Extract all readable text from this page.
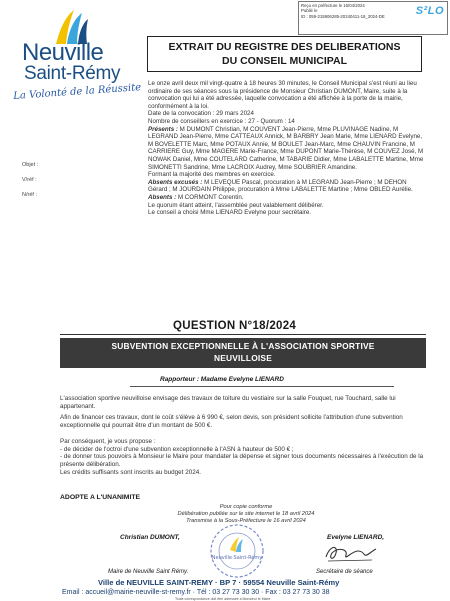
Reçu en préfecture le 16/04/2024
Publié le
ID : 059-215906285-20240411-18_2024-DE	S²LO
Neuville
Saint-Rémy
La Volonté de la Réussite
Objet :
V/réf :
N/réf :
EXTRAIT DU REGISTRE DES DELIBERATIONS
DU CONSEIL MUNICIPAL

Le onze avril deux mil vingt-quatre à 18 heures 30 minutes, le Conseil Municipal s'est réuni au lieu ordinaire de ses séances sous la présidence de Monsieur Christian DUMONT, Maire, suite à la convocation qui lui a été adressée, laquelle convocation a été affichée à la porte de la mairie, conformément à la loi.

Date de la convocation : 29 mars 2024

Nombre de conseillers en exercice : 27 - Quorum : 14

Présents : M DUMONT Christian, M COUVENT Jean-Pierre, Mme PLUVINAGE Nadine, M LEGRAND Jean-Pierre, Mme CATTEAUX Annick, M BARBRY Jean Marie, Mme LIENARD Evelyne, M BOVELETTE Marc, Mme POTAUX Annie, M BOULET Jean-Marc, Mme CHAUVIN Francine, M CARRIERE Guy, Mme MAGERE Marie-France, Mme DUPONT Marie-Thérèse, M COUVEZ José, M NOWAK Daniel, Mme COUTELARD Catherine, M TABARIE Didier, Mme LABALETTE Martine, Mme SIMONETTI Sandrine, Mme LACROIX Audrey, Mme SOUBRIER Amandine.

Formant la majorité des membres en exercice.

Absents excusés : M LEVEQUE Pascal, procuration à M LEGRAND Jean-Pierre ; M DEHON Gérard ; M JOURDAIN Philippe, procuration à Mme LABALETTE Martine ; Mme OBLED Aurélie.

Absents : M CORMONT Corentin.

Le quorum étant atteint, l'assemblée peut valablement délibérer.

Le conseil a choisi Mme LIENARD Evelyne pour secrétaire.

QUESTION N°18/2024
SUBVENTION EXCEPTIONNELLE À L'ASSOCIATION SPORTIVE
NEUVILLOISE
Rapporteur : Madame Evelyne LIENARD

L'association sportive neuvilloise envisage des travaux de toiture du vestiaire sur la salle Fouquet, rue Touchard, salle lui appartenant.

Afin de financer ces travaux, dont le coût s'élève à 6 990 €, selon devis, son président sollicite l'attribution d'une subvention exceptionnelle qui pourrait être d'un montant de 500 €.

Par conséquent, je vous propose :
- de décider de l'octroi d'une subvention exceptionnelle à l'ASN à hauteur de 500 € ;
- de donner tous pouvoirs à Monsieur le Maire pour mandater la dépense et signer tous documents nécessaires à l'exécution de la présente délibération.
Les crédits suffisants sont inscrits au budget 2024.

ADOPTE A L'UNANIMITE
Pour copie conforme
Délibération publiée sur le site internet le 18 avril 2024
Transmise à la Sous-Préfecture le 16 avril 2024
Christian DUMONT,
Maire de Neuville Saint Rémy.
Evelyne LIENARD,
Secrétaire de séance
Neuville Saint-Rémy
Ville de NEUVILLE SAINT-REMY · BP 7 · 59554 Neuville Saint-Rémy
Email : accueil@mairie-neuville-st-remy.fr · Tél : 03 27 73 30 30 · Fax : 03 27 73 30 38
Toute correspondance doit être adressée à Monsieur le Maire
